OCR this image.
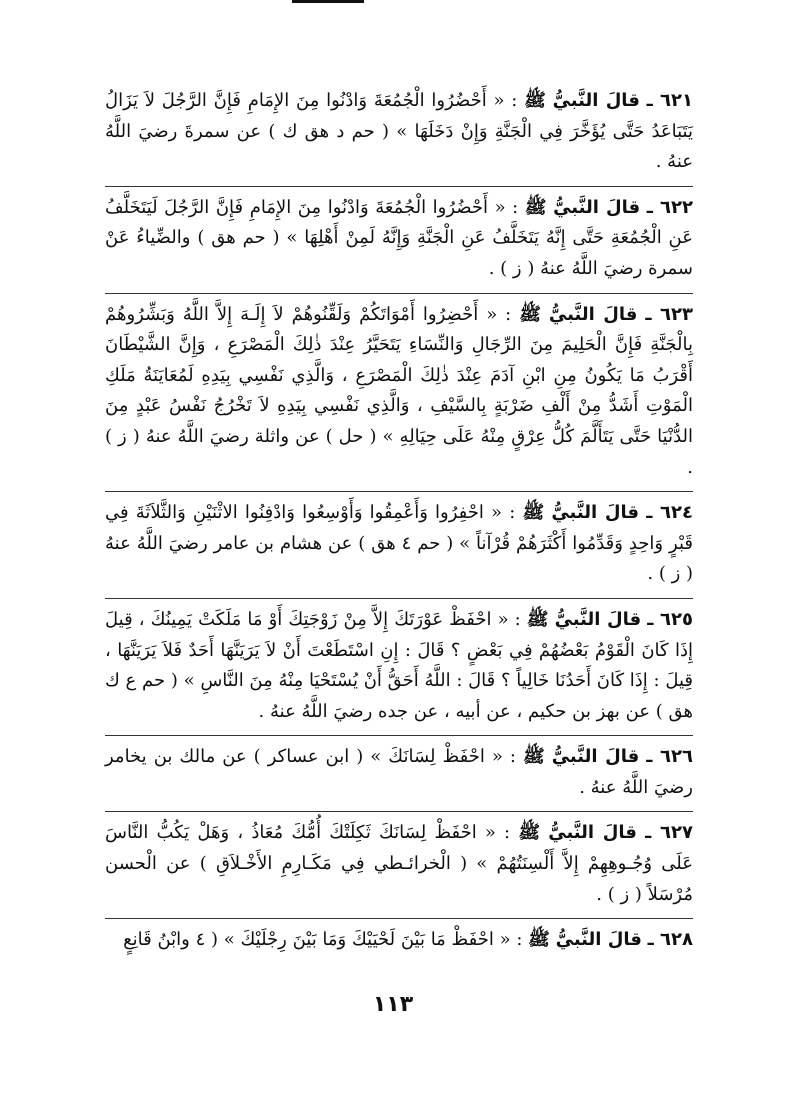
٦٢١ ـ قالَ النَّبيُّ ﷺ : « أَحْضُرُوا الْجُمُعَةَ وَادْنُوا مِنَ الإِمَامِ فَإِنَّ الرَّجُلَ لاَ يَزَالُ يَتَبَاعَدُ حَتَّى يُؤَخَّرَ فِي الْجَنَّةِ وَإِنْ دَخَلَهَا » ( حم د هق ك ) عن سمرةَ رضيَ اللَّهُ عنهُ .

٦٢٢ ـ قالَ النَّبيُّ ﷺ : « أَحْضُرُوا الْجُمُعَةَ وَادْنُوا مِنَ الإِمَامِ فَإِنَّ الرَّجُلَ لَيَتَخَلَّفُ عَنِ الْجُمُعَةِ حَتَّى إِنَّهُ يَتَخَلَّفُ عَنِ الْجَنَّةِ وَإِنَّهُ لَمِنْ أَهْلِهَا » ( حم هق ) والضِّياءُ عَنْ سمرة رضيَ اللَّهُ عنهُ ( ز ) .

٦٢٣ ـ قالَ النَّبيُّ ﷺ : « أَحْضِرُوا أَمْوَاتَكُمْ وَلَقِّنُوهُمْ لاَ إِلَـهَ إِلاَّ اللَّهُ وَبَشِّرُوهُمْ بِالْجَنَّةِ فَإِنَّ الْحَلِيمَ مِنَ الرِّجَالِ وَالنِّسَاءِ يَتَحَيَّرُ عِنْدَ ذٰلِكَ الْمَصْرَعِ ، وَإِنَّ الشَّيْطَانَ أَقْرَبُ مَا يَكُونُ مِنِ ابْنِ آدَمَ عِنْدَ ذٰلِكَ الْمَصْرَعِ ، وَالَّذِي نَفْسِي بِيَدِهِ لَمُعَايَنَةُ مَلَكِ الْمَوْتِ أَشَدُّ مِنْ أَلْفِ ضَرْبَةٍ بِالسَّيْفِ ، وَالَّذِي نَفْسِي بِيَدِهِ لاَ تَخْرُجُ نَفْسُ عَبْدٍ مِنَ الدُّنْيَا حَتَّى يَتَأَلَّمَ كُلُّ عِرْقٍ مِنْهُ عَلَى حِيَالِهِ » ( حل ) عن واثلة رضيَ اللَّهُ عنهُ ( ز ) .

٦٢٤ ـ قالَ النَّبيُّ ﷺ : « احْفِرُوا وَأَعْمِقُوا وَأَوْسِعُوا وَادْفِنُوا الاثْنَيْنِ وَالثَّلاَثَةَ فِي قَبْرٍ وَاحِدٍ وَقَدِّمُوا أَكْثَرَهُمْ قُرْآناً » ( حم ٤ هق ) عن هشام بن عامر رضيَ اللَّهُ عنهُ ( ز ) .

٦٢٥ ـ قالَ النَّبيُّ ﷺ : « احْفَظْ عَوْرَتَكَ إِلاَّ مِنْ زَوْجَتِكَ أَوْ مَا مَلَكَتْ يَمِينُكَ ، قِيلَ إِذَا كَانَ الْقَوْمُ بَعْضُهُمْ فِي بَعْضٍ ؟ قَالَ : إِنِ اسْتَطَعْتَ أَنْ لاَ يَرَيَنَّهَا أَحَدٌ فَلاَ يَرَيَنَّهَا ، قِيلَ : إِذَا كَانَ أَحَدُنَا خَالِياً ؟ قَالَ : اللَّهُ أَحَقُّ أَنْ يُسْتَحْيَا مِنْهُ مِنَ النَّاسِ » ( حم ع ك هق ) عن بهز بن حكيم ، عن أبيه ، عن جده رضيَ اللَّهُ عنهُ .

٦٢٦ ـ قالَ النَّبيُّ ﷺ : « احْفَظْ لِسَانَكَ » ( ابن عساكر ) عن مالك بن يخامر رضيَ اللَّهُ عنهُ .

٦٢٧ ـ قالَ النَّبيُّ ﷺ : « احْفَظْ لِسَانَكَ ثَكِلَتْكَ أُمُّكَ مُعَاذُ ، وَهَلْ يَكُبُّ النَّاسَ عَلَى وُجُـوهِهِمْ إِلاَّ أَلْسِنَتُهُمْ » ( الْخرائـطي فِي مَكَـارِمِ الأَخْـلاَقِ ) عن الْحسن مُرْسَلاً ( ز ) .

٦٢٨ ـ قالَ النَّبيُّ ﷺ : « احْفَظْ مَا بَيْنَ لَحْيَيْكَ وَمَا بَيْنَ رِجْلَيْكَ » ( ٤ وابْنُ قَانِعٍ

١١٣
